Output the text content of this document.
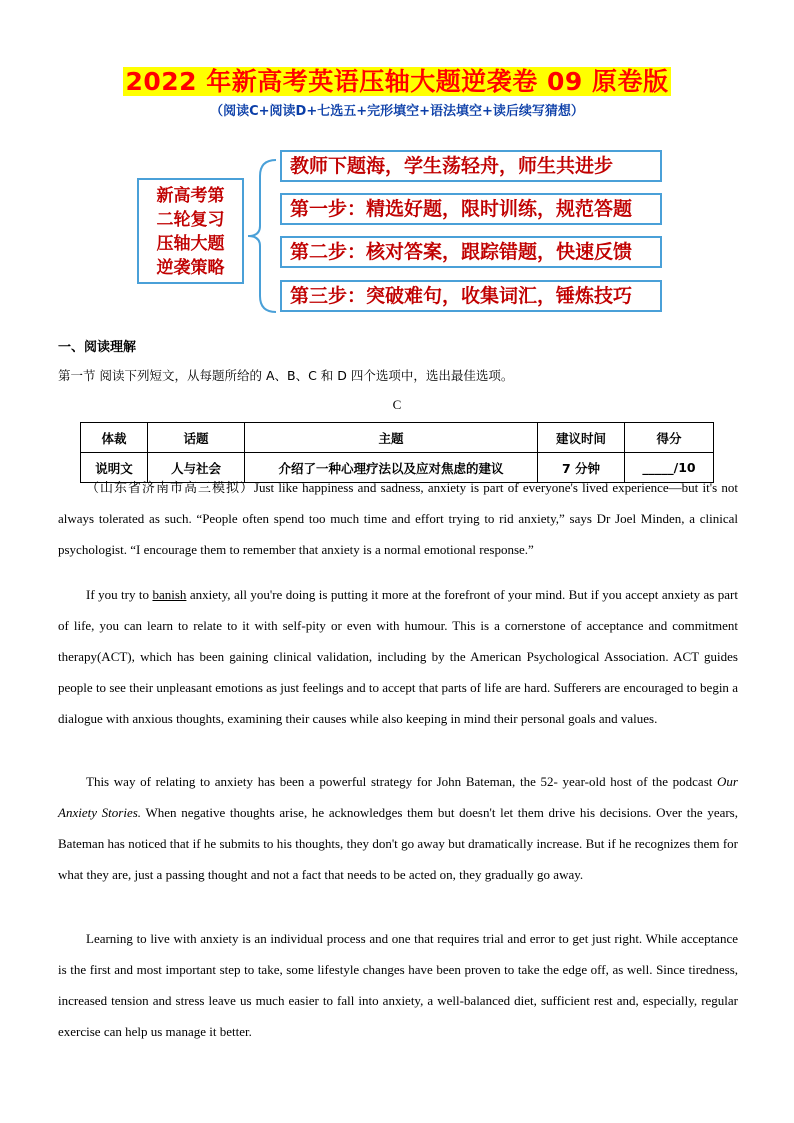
2022 年新高考英语压轴大题逆袭卷 09 原卷版
（阅读C+阅读D+七选五+完形填空+语法填空+读后续写猜想）
新高考第
二轮复习
压轴大题
逆袭策略
教师下题海，学生荡轻舟，师生共进步
第一步：精选好题，限时训练，规范答题
第二步：核对答案，跟踪错题，快速反馈
第三步：突破难句，收集词汇，锤炼技巧
一、阅读理解
第一节 阅读下列短文，从每题所给的 A、B、C 和 D 四个选项中，选出最佳选项。
C
体裁	话题	主题	建议时间	得分
说明文	人与社会	介绍了一种心理疗法以及应对焦虑的建议	7 分钟	_____/10

（山东省济南市高三模拟）Just like happiness and sadness, anxiety is part of everyone's lived experience—but it's not always tolerated as such. “People often spend too much time and effort trying to rid anxiety,” says Dr Joel Minden, a clinical psychologist. “I encourage them to remember that anxiety is a normal emotional response.”

If you try to banish anxiety, all you're doing is putting it more at the forefront of your mind. But if you accept anxiety as part of life, you can learn to relate to it with self-pity or even with humour. This is a cornerstone of acceptance and commitment therapy(ACT), which has been gaining clinical validation, including by the American Psychological Association. ACT guides people to see their unpleasant emotions as just feelings and to accept that parts of life are hard. Sufferers are encouraged to begin a dialogue with anxious thoughts, examining their causes while also keeping in mind their personal goals and values.

This way of relating to anxiety has been a powerful strategy for John Bateman, the 52- year-old host of the podcast Our Anxiety Stories. When negative thoughts arise, he acknowledges them but doesn't let them drive his decisions. Over the years, Bateman has noticed that if he submits to his thoughts, they don't go away but dramatically increase. But if he recognizes them for what they are, just a passing thought and not a fact that needs to be acted on, they gradually go away.

Learning to live with anxiety is an individual process and one that requires trial and error to get just right. While acceptance is the first and most important step to take, some lifestyle changes have been proven to take the edge off, as well. Since tiredness, increased tension and stress leave us much easier to fall into anxiety, a well-balanced diet, sufficient rest and, especially, regular exercise can help us manage it better.
